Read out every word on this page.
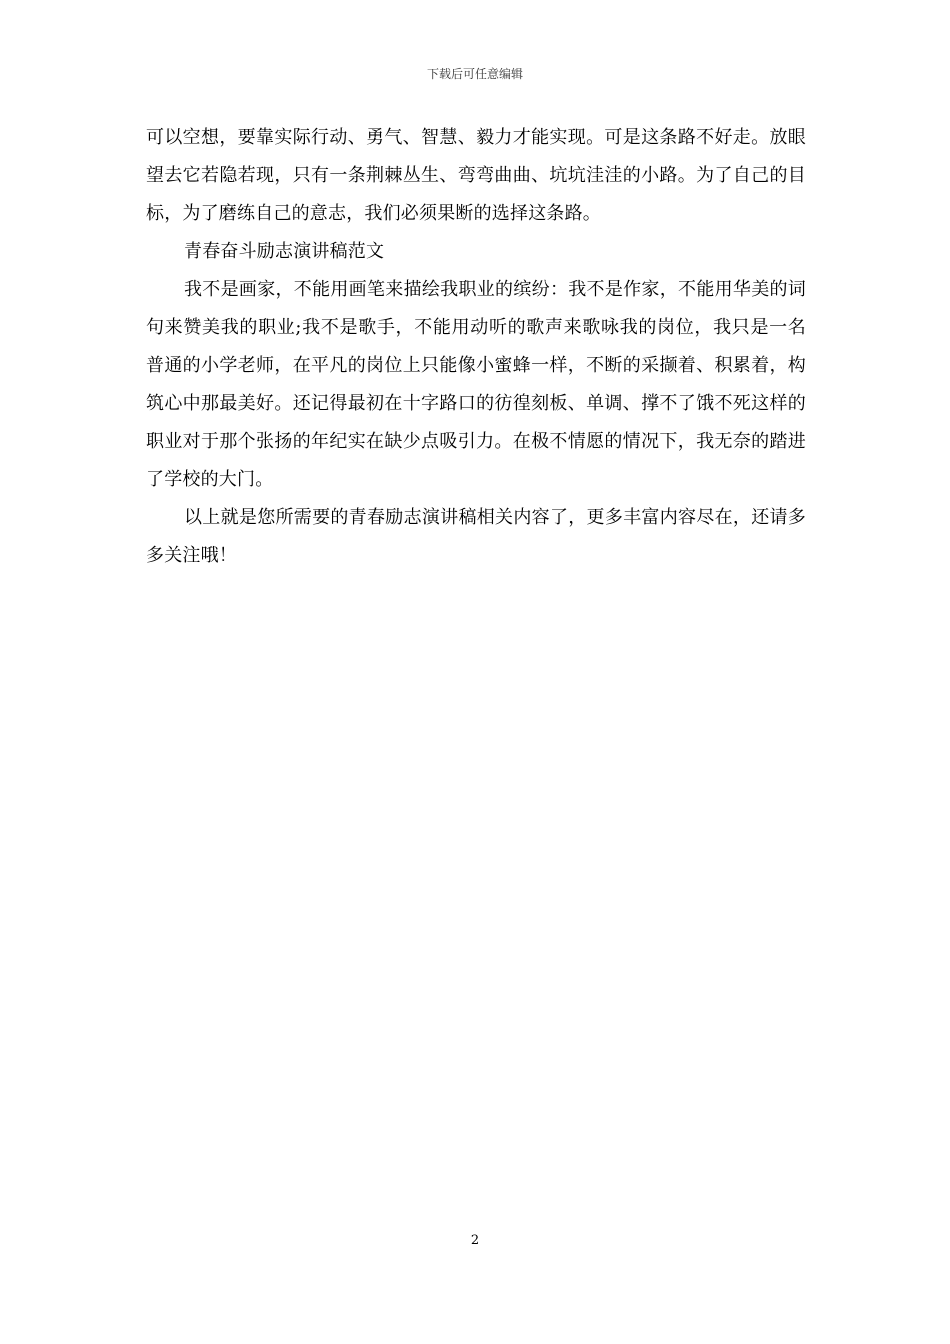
下载后可任意编辑

可以空想，要靠实际行动、勇气、智慧、毅力才能实现。可是这条路不好走。放眼望去它若隐若现，只有一条荆棘丛生、弯弯曲曲、坑坑洼洼的小路。为了自己的目标，为了磨练自己的意志，我们必须果断的选择这条路。

青春奋斗励志演讲稿范文

我不是画家，不能用画笔来描绘我职业的缤纷：我不是作家，不能用华美的词句来赞美我的职业;我不是歌手，不能用动听的歌声来歌咏我的岗位，我只是一名普通的小学老师，在平凡的岗位上只能像小蜜蜂一样，不断的采撷着、积累着，构筑心中那最美好。还记得最初在十字路口的彷徨刻板、单调、撑不了饿不死这样的职业对于那个张扬的年纪实在缺少点吸引力。在极不情愿的情况下，我无奈的踏进了学校的大门。

以上就是您所需要的青春励志演讲稿相关内容了，更多丰富内容尽在，还请多多关注哦！

2
